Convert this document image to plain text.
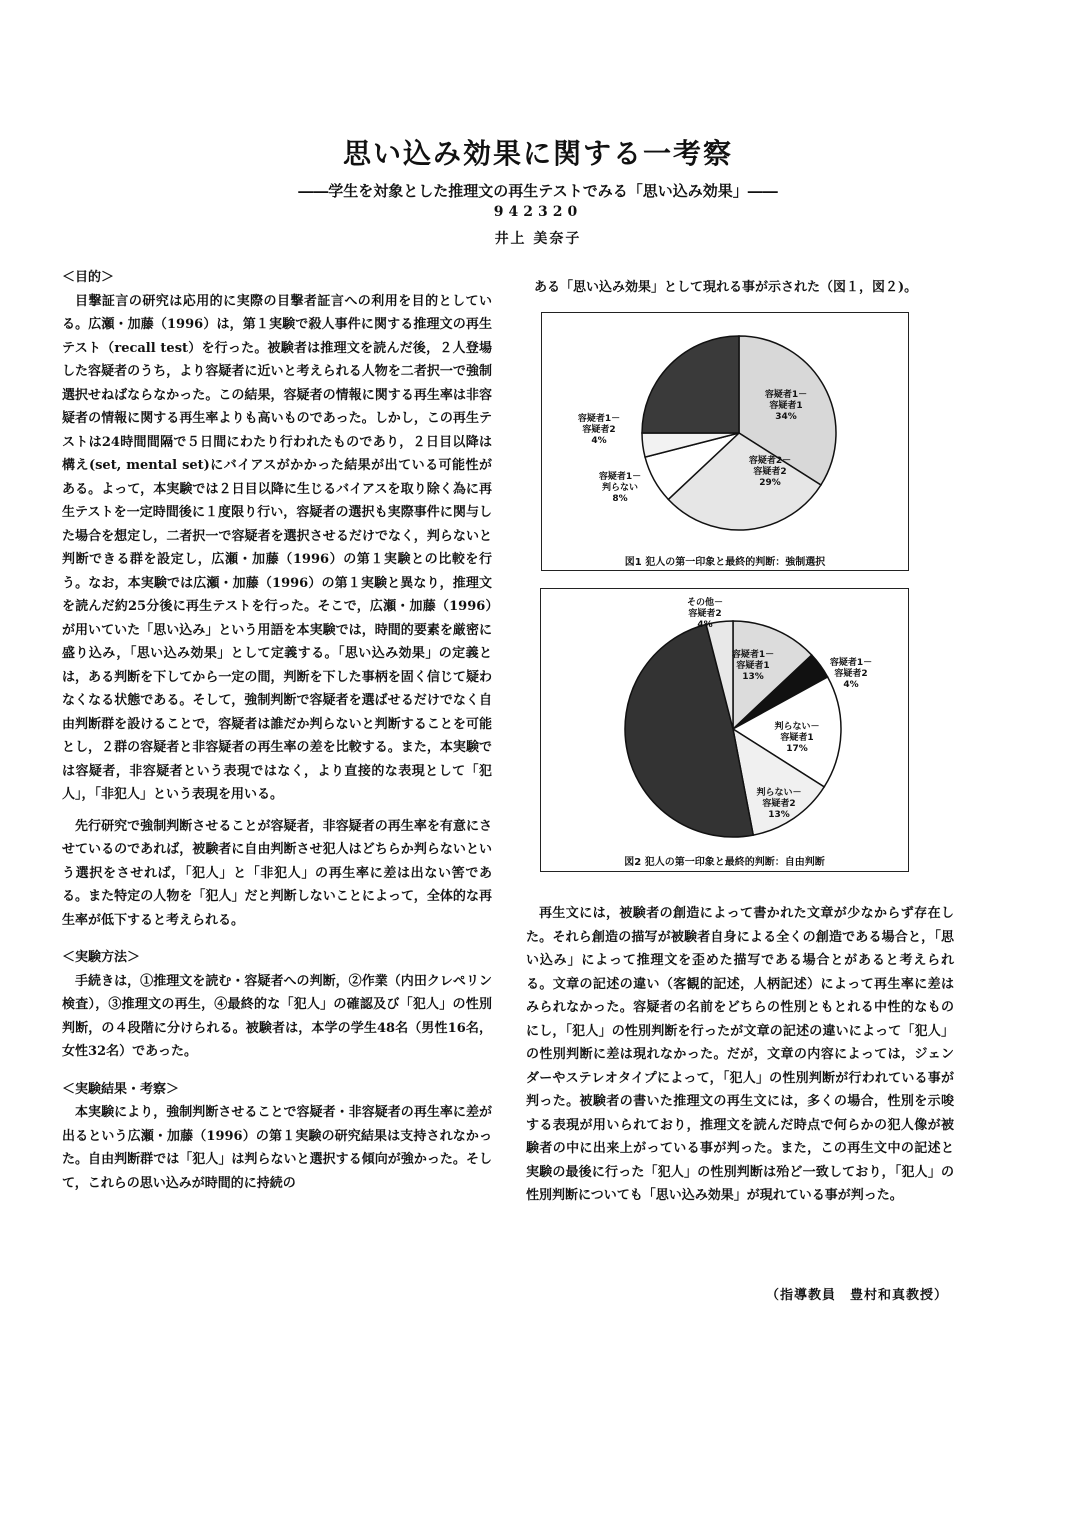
思い込み効果に関する一考察
――学生を対象とした推理文の再生テストでみる「思い込み効果」――
942320
井上 美奈子

＜目的＞

目撃証言の研究は応用的に実際の目撃者証言への利用を目的としている。広瀬・加藤（1996）は，第１実験で殺人事件に関する推理文の再生テスト（recall test）を行った。被験者は推理文を読んだ後，２人登場した容疑者のうち，より容疑者に近いと考えられる人物を二者択一で強制選択せねばならなかった。この結果，容疑者の情報に関する再生率は非容疑者の情報に関する再生率よりも高いものであった。しかし，この再生テストは24時間間隔で５日間にわたり行われたものであり，２日目以降は構え(set, mental set)にバイアスがかかった結果が出ている可能性がある。よって，本実験では２日目以降に生じるバイアスを取り除く為に再生テストを一定時間後に１度限り行い，容疑者の選択も実際事件に関与した場合を想定し，二者択一で容疑者を選択させるだけでなく，判らないと判断できる群を設定し，広瀬・加藤（1996）の第１実験との比較を行う。なお，本実験では広瀬・加藤（1996）の第１実験と異なり，推理文を読んだ約25分後に再生テストを行った。そこで，広瀬・加藤（1996）が用いていた「思い込み」という用語を本実験では，時間的要素を厳密に盛り込み，「思い込み効果」として定義する。「思い込み効果」の定義とは，ある判断を下してから一定の間，判断を下した事柄を固く信じて疑わなくなる状態である。そして，強制判断で容疑者を選ばせるだけでなく自由判断群を設けることで，容疑者は誰だか判らないと判断することを可能とし，２群の容疑者と非容疑者の再生率の差を比較する。また，本実験では容疑者，非容疑者という表現ではなく，より直接的な表現として「犯人」，「非犯人」という表現を用いる。

先行研究で強制判断させることが容疑者，非容疑者の再生率を有意にさせているのであれば，被験者に自由判断させ犯人はどちらか判らないという選択をさせれば，「犯人」と「非犯人」の再生率に差は出ない筈である。また特定の人物を「犯人」だと判断しないことによって，全体的な再生率が低下すると考えられる。

＜実験方法＞

手続きは，①推理文を読む・容疑者への判断，②作業（内田クレペリン検査），③推理文の再生，④最終的な「犯人」の確認及び「犯人」の性別判断，の４段階に分けられる。被験者は，本学の学生48名（男性16名，女性32名）であった。

＜実験結果・考察＞

本実験により，強制判断させることで容疑者・非容疑者の再生率に差が出るという広瀬・加藤（1996）の第１実験の研究結果は支持されなかった。自由判断群では「犯人」は判らないと選択する傾向が強かった。そして，これらの思い込みが時間的に持続の

ある「思い込み効果」として現れる事が示された（図１，図２)。

容疑者1－容疑者1 34%
容疑者2－容疑者2 29%
容疑者1－判らない 8%
容疑者1－容疑者2 4%
図1 犯人の第一印象と最終的判断：強制選択
容疑者1－容疑者1 13%
容疑者1－容疑者2 4%
判らない－容疑者1 17%
判らない－容疑者2 13%
その他－容疑者2 4%
図2 犯人の第一印象と最終的判断：自由判断

再生文には，被験者の創造によって書かれた文章が少なからず存在した。それら創造の描写が被験者自身による全くの創造である場合と，「思い込み」によって推理文を歪めた描写である場合とがあると考えられる。文章の記述の違い（客観的記述，人柄記述）によって再生率に差はみられなかった。容疑者の名前をどちらの性別ともとれる中性的なものにし，「犯人」の性別判断を行ったが文章の記述の違いによって「犯人」の性別判断に差は現れなかった。だが，文章の内容によっては，ジェンダーやステレオタイプによって，「犯人」の性別判断が行われている事が判った。被験者の書いた推理文の再生文には，多くの場合，性別を示唆する表現が用いられており，推理文を読んだ時点で何らかの犯人像が被験者の中に出来上がっている事が判った。また，この再生文中の記述と実験の最後に行った「犯人」の性別判断は殆ど一致しており，「犯人」の性別判断についても「思い込み効果」が現れている事が判った。

（指導教員　豊村和真教授）
